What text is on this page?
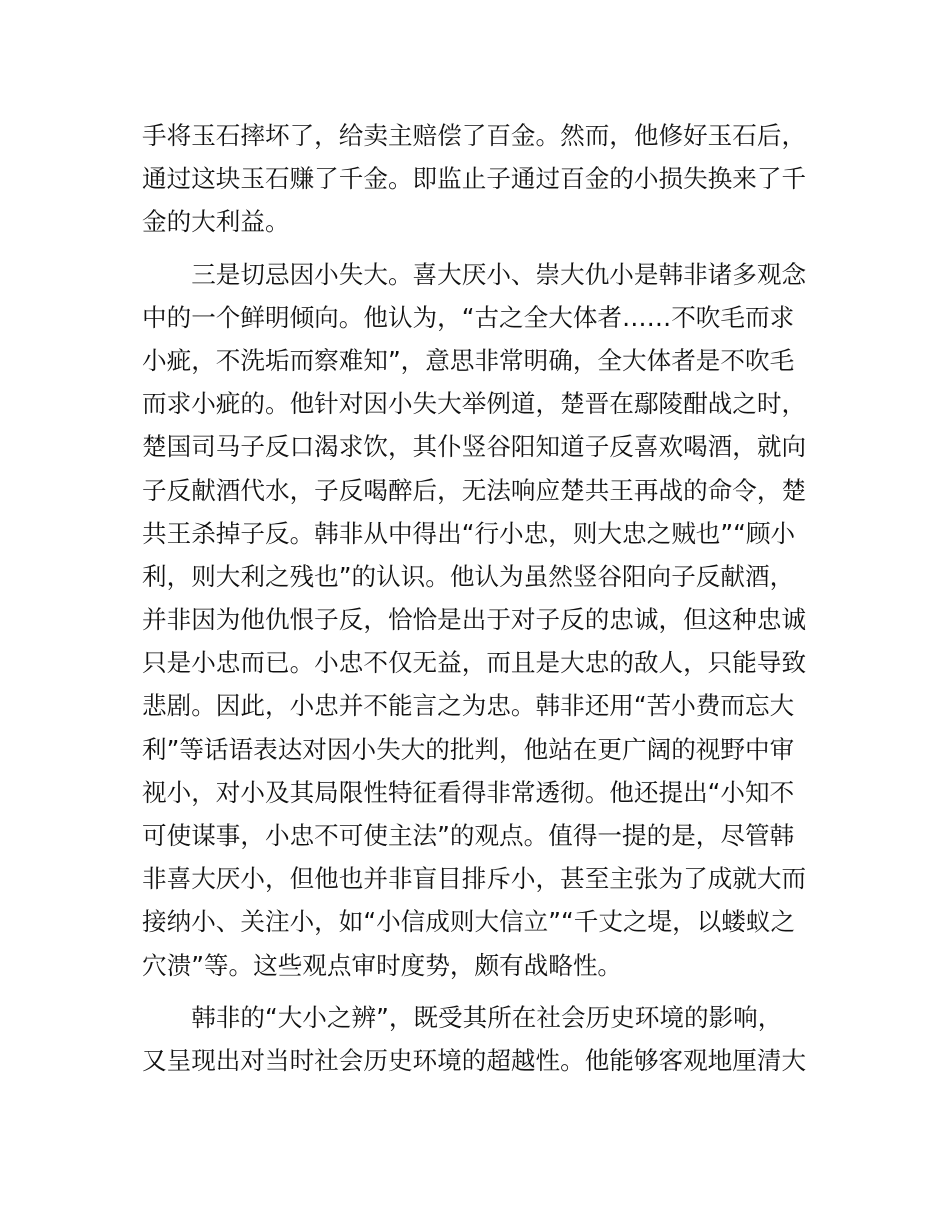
手将玉石摔坏了，给卖主赔偿了百金。然而，他修好玉石后，
通过这块玉石赚了千金。即监止子通过百金的小损失换来了千
金的大利益。
　　三是切忌因小失大。喜大厌小、崇大仇小是韩非诸多观念
中的一个鲜明倾向。他认为，“古之全大体者……不吹毛而求
小疵，不洗垢而察难知”，意思非常明确，全大体者是不吹毛
而求小疵的。他针对因小失大举例道，楚晋在鄢陵酣战之时，
楚国司马子反口渴求饮，其仆竖谷阳知道子反喜欢喝酒，就向
子反献酒代水，子反喝醉后，无法响应楚共王再战的命令，楚
共王杀掉子反。韩非从中得出“行小忠，则大忠之贼也”“顾小
利，则大利之残也”的认识。他认为虽然竖谷阳向子反献酒，
并非因为他仇恨子反，恰恰是出于对子反的忠诚，但这种忠诚
只是小忠而已。小忠不仅无益，而且是大忠的敌人，只能导致
悲剧。因此，小忠并不能言之为忠。韩非还用“苦小费而忘大
利”等话语表达对因小失大的批判，他站在更广阔的视野中审
视小，对小及其局限性特征看得非常透彻。他还提出“小知不
可使谋事，小忠不可使主法”的观点。值得一提的是，尽管韩
非喜大厌小，但他也并非盲目排斥小，甚至主张为了成就大而
接纳小、关注小，如“小信成则大信立”“千丈之堤，以蝼蚁之
穴溃”等。这些观点审时度势，颇有战略性。
　　韩非的“大小之辨”，既受其所在社会历史环境的影响，
又呈现出对当时社会历史环境的超越性。他能够客观地厘清大
